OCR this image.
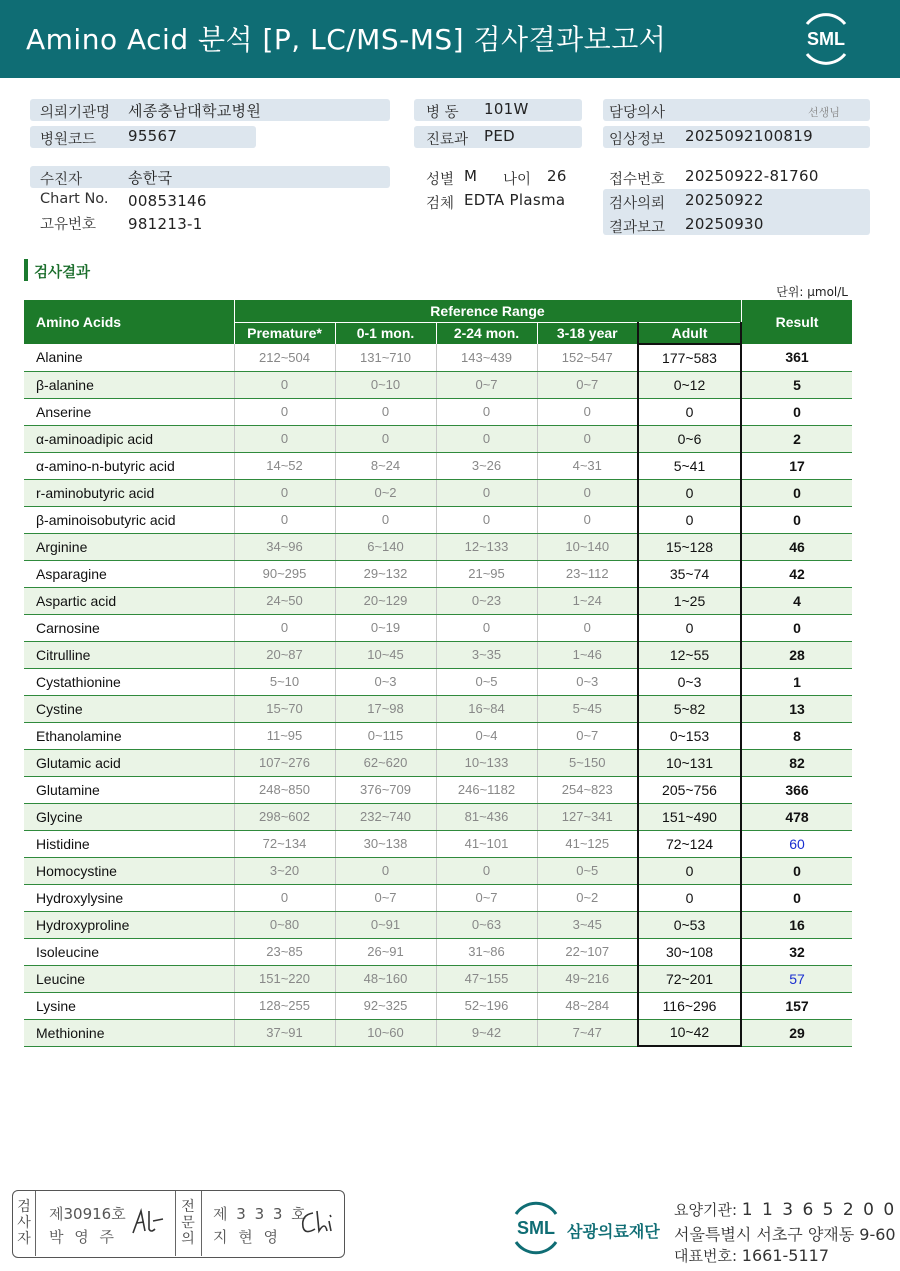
Amino Acid 분석 [P, LC/MS-MS] 검사결과보고서	SML
의뢰기관명 세종충남대학교병원
병원코드 95567
병 동 101W
진료과 PED
담당의사	선생님
임상정보 2025092100819
수진자	송한국
Chart No. 00853146
고유번호 981213-1
성별 M 나이 26
검체 EDTA Plasma
접수번호 20250922-81760
검사의뢰 20250922
결과보고 20250930
검사결과
단위: μmol/L
Amino Acids	Reference Range					Result
	Premature*	0-1 mon.	2-24 mon.	3-18 year	Adult	
Alanine	212~504	131~710	143~439	152~547	177~583	361
β-alanine	0	0~10	0~7	0~7	0~12	5
Anserine	0	0	0	0	0	0
α-aminoadipic acid	0	0	0	0	0~6	2
α-amino-n-butyric acid	14~52	8~24	3~26	4~31	5~41	17
r-aminobutyric acid	0	0~2	0	0	0	0
β-aminoisobutyric acid	0	0	0	0	0	0
Arginine	34~96	6~140	12~133	10~140	15~128	46
Asparagine	90~295	29~132	21~95	23~112	35~74	42
Aspartic acid	24~50	20~129	0~23	1~24	1~25	4
Carnosine	0	0~19	0	0	0	0
Citrulline	20~87	10~45	3~35	1~46	12~55	28
Cystathionine	5~10	0~3	0~5	0~3	0~3	1
Cystine	15~70	17~98	16~84	5~45	5~82	13
Ethanolamine	11~95	0~115	0~4	0~7	0~153	8
Glutamic acid	107~276	62~620	10~133	5~150	10~131	82
Glutamine	248~850	376~709	246~1182	254~823	205~756	366
Glycine	298~602	232~740	81~436	127~341	151~490	478
Histidine	72~134	30~138	41~101	41~125	72~124	60
Homocystine	3~20	0	0	0~5	0	0
Hydroxylysine	0	0~7	0~7	0~2	0	0
Hydroxyproline	0~80	0~91	0~63	3~45	0~53	16
Isoleucine	23~85	26~91	31~86	22~107	30~108	32
Leucine	151~220	48~160	47~155	49~216	72~201	57
Lysine	128~255	92~325	52~196	48~284	116~296	157
Methionine	37~91	10~60	9~42	7~47	10~42	29
검사자
제30916호
박 영 주
전문의
제 3 3 3 호
지 현 영	SML 삼광의료재단
요양기관: 1 1 3 6 5 2 0 0
서울특별시 서초구 양재동 9-60
대표번호: 1661-5117
